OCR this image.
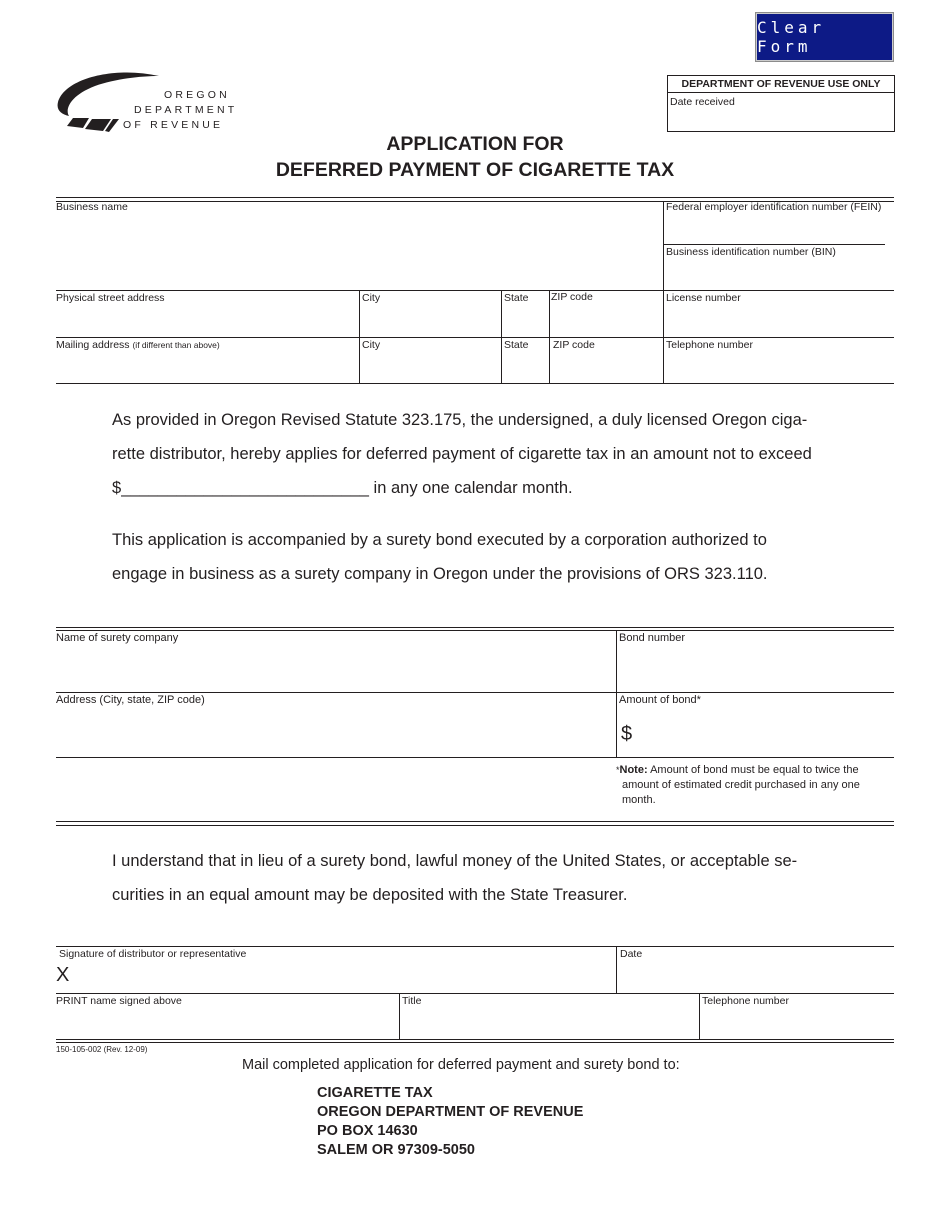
Clear Form
OREGON
DEPARTMENT
OF REVENUE
DEPARTMENT OF REVENUE USE ONLY
Date received
APPLICATION FOR
DEFERRED PAYMENT OF CIGARETTE TAX
Business name	Federal employer identification number (FEIN)
Business identification number (BIN)
Physical street address	City	State ZIP code	License number
Mailing address (if different than above)	City	State ZIP code	Telephone number
As provided in Oregon Revised Statute 323.175, the undersigned, a duly licensed Oregon ciga-
rette distributor, hereby applies for deferred payment of cigarette tax in an amount not to exceed
$___________________________ in any one calendar month.
This application is accompanied by a surety bond executed by a corporation authorized to
engage in business as a surety company in Oregon under the provisions of ORS 323.110.
Name of surety company	Bond number
Address (City, state, ZIP code)	Amount of bond*
$
*Note: Amount of bond must be equal to twice the
amount of estimated credit purchased in any one
month.
I understand that in lieu of a surety bond, lawful money of the United States, or acceptable se-
curities in an equal amount may be deposited with the State Treasurer.
Signature of distributor or representative
X
Date
PRINT name signed above	Title	Telephone number
150-105-002 (Rev. 12-09)
Mail completed application for deferred payment and surety bond to:
CIGARETTE TAX
OREGON DEPARTMENT OF REVENUE
PO BOX 14630
SALEM OR 97309-5050
